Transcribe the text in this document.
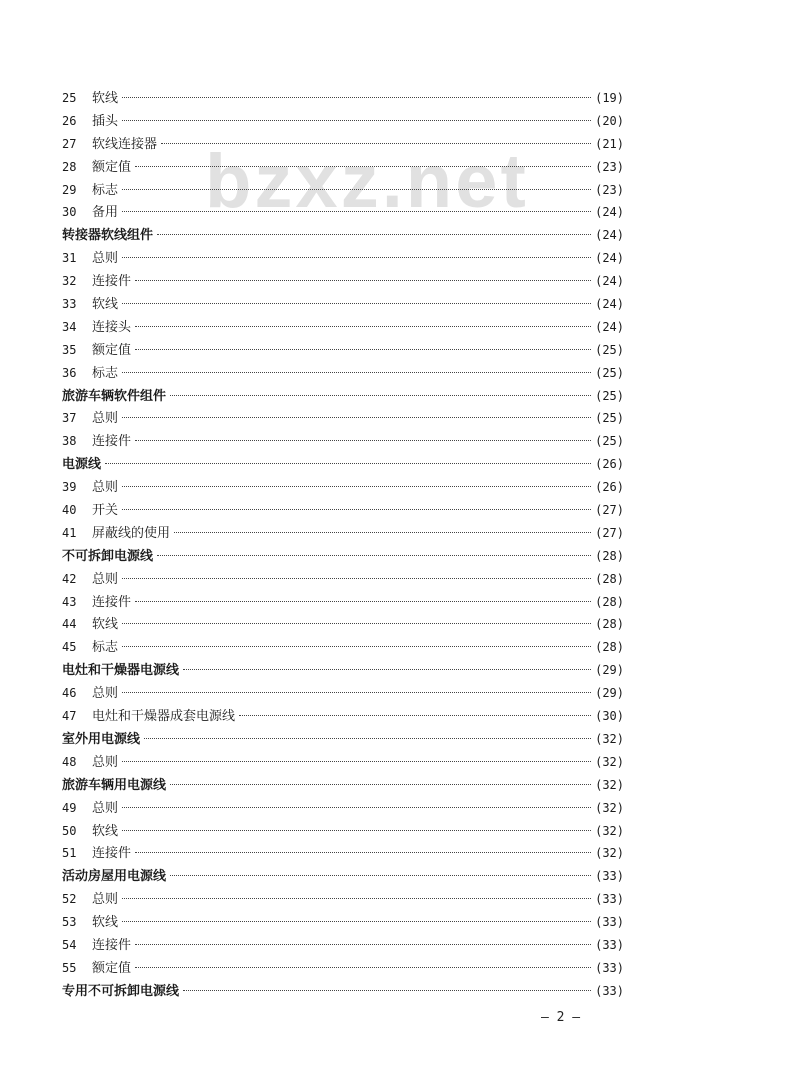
bzxz.net
25	软线	(19)
26	插头	(20)
27	软线连接器	(21)
28	额定值	(23)
29	标志	(23)
30	备用	(24)
转接器软线组件	(24)
31	总则	(24)
32	连接件	(24)
33	软线	(24)
34	连接头	(24)
35	额定值	(25)
36	标志	(25)
旅游车辆软件组件	(25)
37	总则	(25)
38	连接件	(25)
电源线	(26)
39	总则	(26)
40	开关	(27)
41	屏蔽线的使用	(27)
不可拆卸电源线	(28)
42	总则	(28)
43	连接件	(28)
44	软线	(28)
45	标志	(28)
电灶和干燥器电源线	(29)
46	总则	(29)
47	电灶和干燥器成套电源线	(30)
室外用电源线	(32)
48	总则	(32)
旅游车辆用电源线	(32)
49	总则	(32)
50	软线	(32)
51	连接件	(32)
活动房屋用电源线	(33)
52	总则	(33)
53	软线	(33)
54	连接件	(33)
55	额定值	(33)
专用不可拆卸电源线	(33)
— 2 —
